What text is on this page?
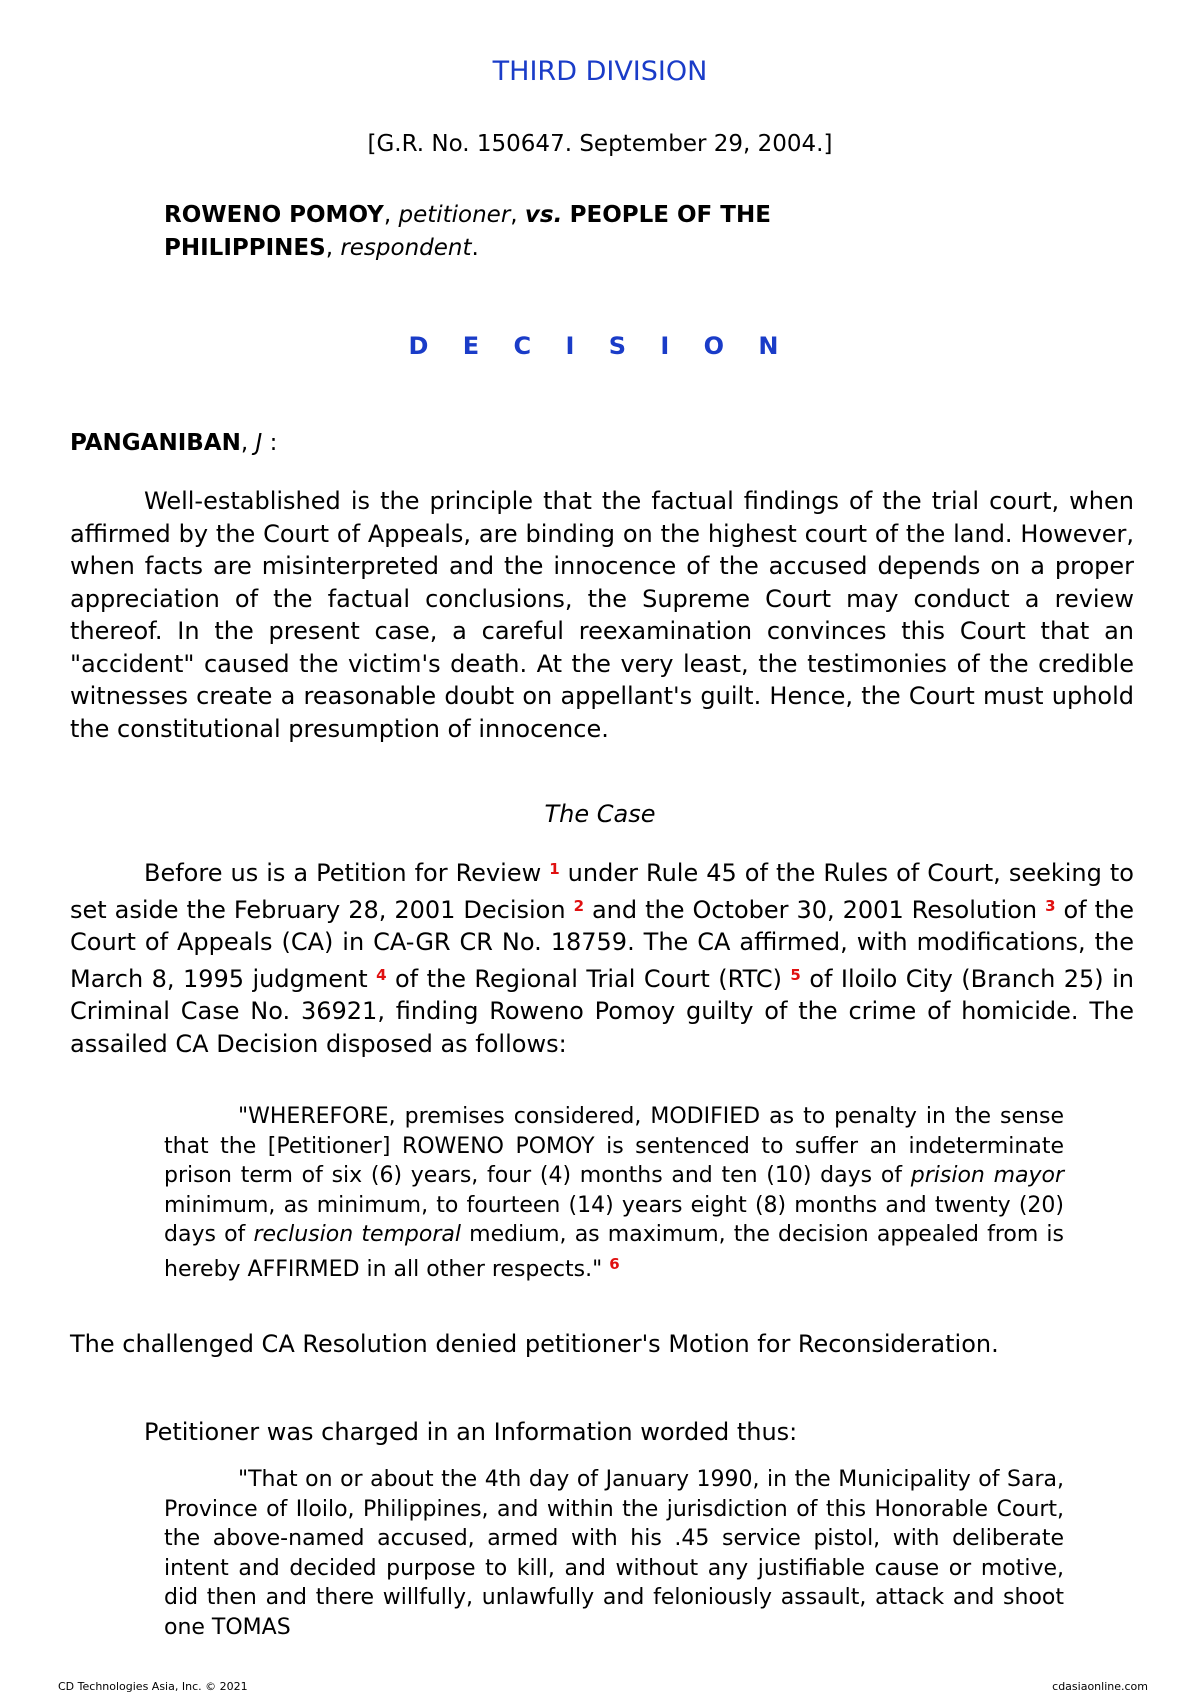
THIRD DIVISION
[G.R. No. 150647. September 29, 2004.]
ROWENO POMOY, petitioner, vs. PEOPLE OF THE
PHILIPPINES, respondent.
D E C I S I O N
PANGANIBAN, J :

Well-established is the principle that the factual findings of the trial court, when affirmed by the Court of Appeals, are binding on the highest court of the land. However, when facts are misinterpreted and the innocence of the accused depends on a proper appreciation of the factual conclusions, the Supreme Court may conduct a review thereof. In the present case, a careful reexamination convinces this Court that an "accident" caused the victim's death. At the very least, the testimonies of the credible witnesses create a reasonable doubt on appellant's guilt. Hence, the Court must uphold the constitutional presumption of innocence.

The Case

Before us is a Petition for Review $^1$ under Rule 45 of the Rules of Court, seeking to set aside the February 28, 2001 Decision $^2$ and the October 30, 2001 Resolution $^3$ of the Court of Appeals (CA) in CA-GR CR No. 18759. The CA affirmed, with modifications, the March 8, 1995 judgment $^4$ of the Regional Trial Court (RTC) $^5$ of Iloilo City (Branch 25) in Criminal Case No. 36921, finding Roweno Pomoy guilty of the crime of homicide. The assailed CA Decision disposed as follows:

"WHEREFORE, premises considered, MODIFIED as to penalty in the sense that the [Petitioner] ROWENO POMOY is sentenced to suffer an indeterminate prison term of six (6) years, four (4) months and ten (10) days of prision mayor minimum, as minimum, to fourteen (14) years eight (8) months and twenty (20) days of reclusion temporal medium, as maximum, the decision appealed from is hereby AFFIRMED in all other respects." $^6$

The challenged CA Resolution denied petitioner's Motion for Reconsideration.

Petitioner was charged in an Information worded thus:

"That on or about the 4th day of January 1990, in the Municipality of Sara, Province of Iloilo, Philippines, and within the jurisdiction of this Honorable Court, the above-named accused, armed with his .45 service pistol, with deliberate intent and decided purpose to kill, and without any justifiable cause or motive, did then and there willfully, unlawfully and feloniously assault, attack and shoot one TOMAS

CD Technologies Asia, Inc. © 2021	cdasiaonline.com
